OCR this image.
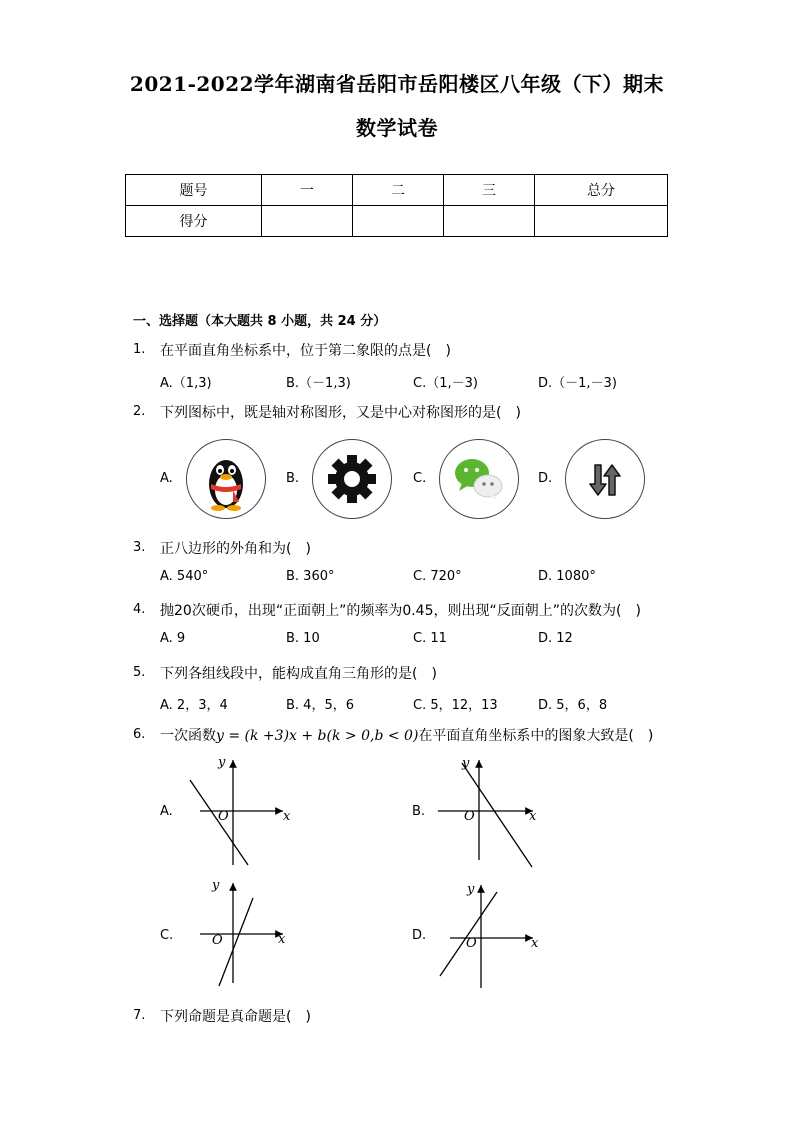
2021-2022学年湖南省岳阳市岳阳楼区八年级（下）期末
数学试卷
题号	一	二	三	总分
得分				
一、选择题（本大题共 8 小题，共 24 分）
1. 在平面直角坐标系中，位于第二象限的点是(　)
A.（1,3)	B.（－1,3)	C.（1,－3)	D.（－1,－3)
2. 下列图标中，既是轴对称图形，又是中心对称图形的是(　)
A.	B.	C.	D.
3. 正八边形的外角和为(　)
A. 540°	B. 360°	C. 720°	D. 1080°
4. 抛20次硬币，出现“正面朝上”的频率为0.45，则出现“反面朝上”的次数为(　)
A. 9	B. 10	C. 11	D. 12
5. 下列各组线段中，能构成直角三角形的是(　)
A. 2，3，4	B. 4，5，6	C. 5，12，13	D. 5，6，8
6. 一次函数y = (k +3)x + b(k > 0,b < 0)在平面直角坐标系中的图象大致是(　)
A.
y
x
O	B.
y
x
O
C.
y
x
O	D.
y
x
O
7. 下列命题是真命题是(　)
